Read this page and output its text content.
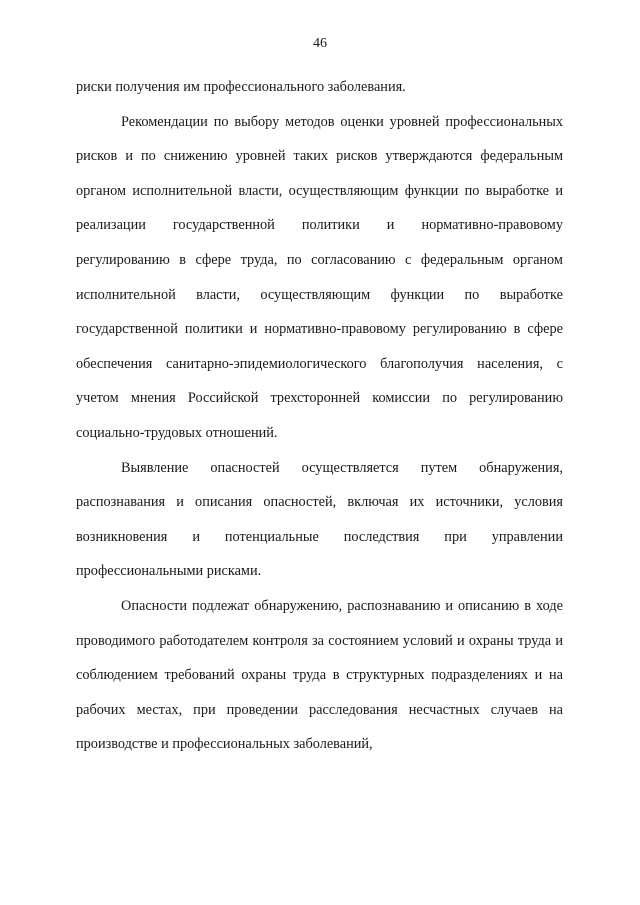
46

риски получения им профессионального заболевания.

Рекомендации по выбору методов оценки уровней профессиональных рисков и по снижению уровней таких рисков утверждаются федеральным органом исполнительной власти, осуществляющим функции по выработке и реализации государственной политики и нормативно-правовому регулированию в сфере труда, по согласованию с федеральным органом исполнительной власти, осуществляющим функции по выработке государственной политики и нормативно-правовому регулированию в сфере обеспечения санитарно-эпидемиологического благополучия населения, с учетом мнения Российской трехсторонней комиссии по регулированию социально-трудовых отношений.

Выявление опасностей осуществляется путем обнаружения, распознавания и описания опасностей, включая их источники, условия возникновения и потенциальные последствия при управлении профессиональными рисками.

Опасности подлежат обнаружению, распознаванию и описанию в ходе проводимого работодателем контроля за состоянием условий и охраны труда и соблюдением требований охраны труда в структурных подразделениях и на рабочих местах, при проведении расследования несчастных случаев на производстве и профессиональных заболеваний,
